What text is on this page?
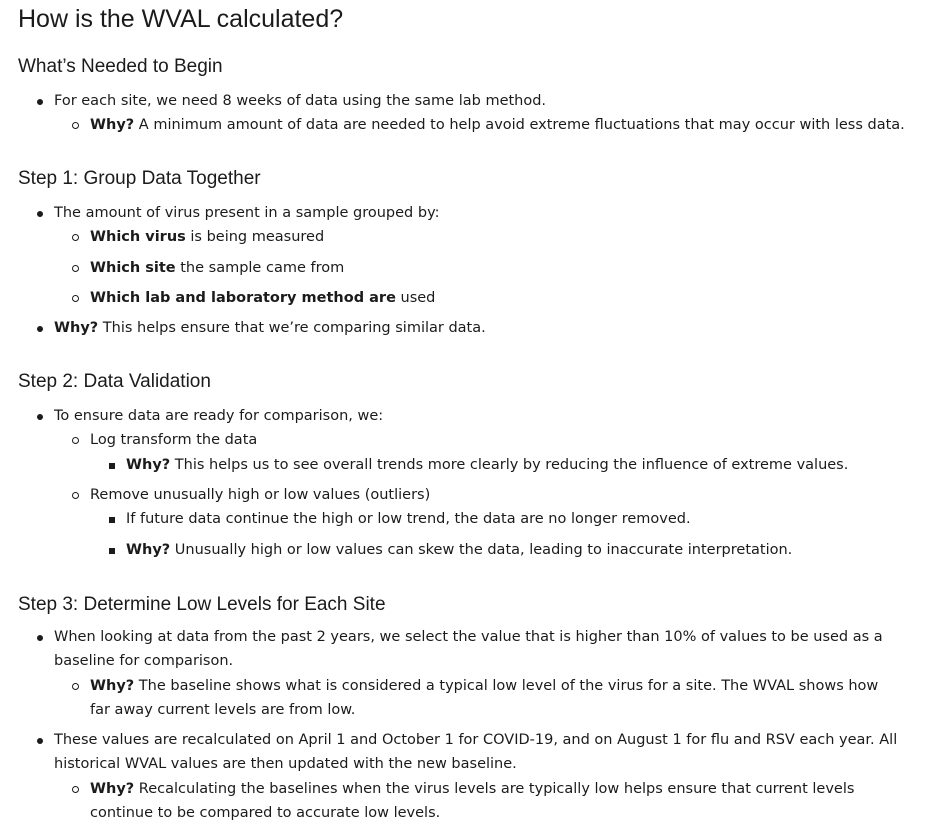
How is the WVAL calculated?
What’s Needed to Begin
For each site, we need 8 weeks of data using the same lab method.
Why? A minimum amount of data are needed to help avoid extreme fluctuations that may occur with less data.
Step 1: Group Data Together
The amount of virus present in a sample grouped by:
Which virus is being measured
Which site the sample came from
Which lab and laboratory method are used
Why? This helps ensure that we’re comparing similar data.
Step 2: Data Validation
To ensure data are ready for comparison, we:
Log transform the data
Why? This helps us to see overall trends more clearly by reducing the influence of extreme values.
Remove unusually high or low values (outliers)
If future data continue the high or low trend, the data are no longer removed.
Why? Unusually high or low values can skew the data, leading to inaccurate interpretation.
Step 3: Determine Low Levels for Each Site
When looking at data from the past 2 years, we select the value that is higher than 10% of values to be used as a
baseline for comparison.
Why? The baseline shows what is considered a typical low level of the virus for a site. The WVAL shows how
far away current levels are from low.
These values are recalculated on April 1 and October 1 for COVID-19, and on August 1 for flu and RSV each year. All
historical WVAL values are then updated with the new baseline.
Why? Recalculating the baselines when the virus levels are typically low helps ensure that current levels
continue to be compared to accurate low levels.
